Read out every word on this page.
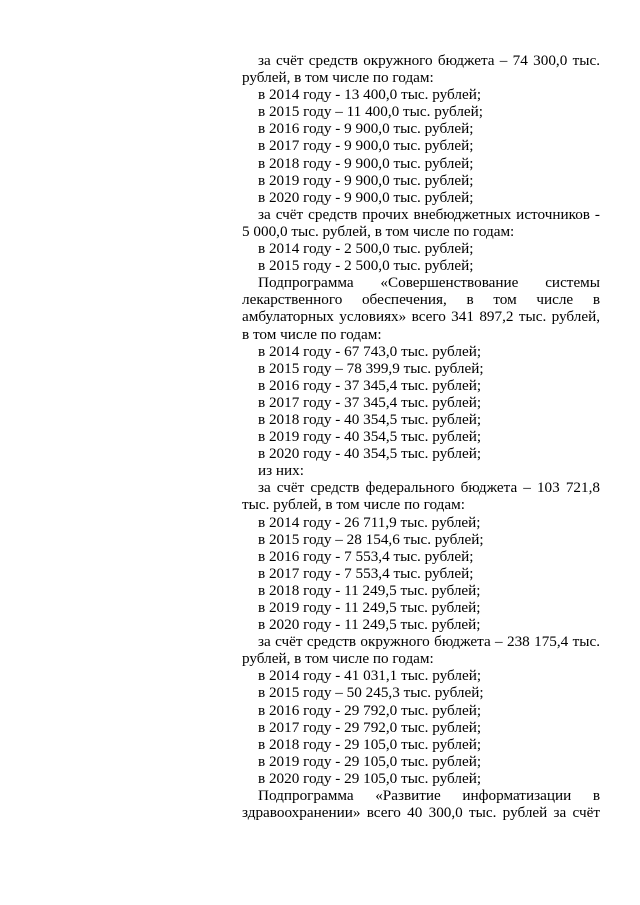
за счёт средств окружного бюджета – 74 300,0 тыс.
рублей, в том числе по годам:
в 2014 году - 13 400,0 тыс. рублей;
в 2015 году – 11 400,0 тыс. рублей;
в 2016 году - 9 900,0 тыс. рублей;
в 2017 году - 9 900,0 тыс. рублей;
в 2018 году - 9 900,0 тыс. рублей;
в 2019 году - 9 900,0 тыс. рублей;
в 2020 году - 9 900,0 тыс. рублей;
за счёт средств прочих внебюджетных источников -
5 000,0 тыс. рублей, в том числе по годам:
в 2014 году - 2 500,0 тыс. рублей;
в 2015 году - 2 500,0 тыс. рублей;
Подпрограмма «Совершенствование системы
лекарственного обеспечения, в том числе в
амбулаторных условиях» всего 341 897,2 тыс. рублей,
в том числе по годам:
в 2014 году - 67 743,0 тыс. рублей;
в 2015 году – 78 399,9 тыс. рублей;
в 2016 году - 37 345,4 тыс. рублей;
в 2017 году - 37 345,4 тыс. рублей;
в 2018 году - 40 354,5 тыс. рублей;
в 2019 году - 40 354,5 тыс. рублей;
в 2020 году - 40 354,5 тыс. рублей;
из них:
за счёт средств федерального бюджета – 103 721,8
тыс. рублей, в том числе по годам:
в 2014 году - 26 711,9 тыс. рублей;
в 2015 году – 28 154,6 тыс. рублей;
в 2016 году - 7 553,4 тыс. рублей;
в 2017 году - 7 553,4 тыс. рублей;
в 2018 году - 11 249,5 тыс. рублей;
в 2019 году - 11 249,5 тыс. рублей;
в 2020 году - 11 249,5 тыс. рублей;
за счёт средств окружного бюджета – 238 175,4 тыс.
рублей, в том числе по годам:
в 2014 году - 41 031,1 тыс. рублей;
в 2015 году – 50 245,3 тыс. рублей;
в 2016 году - 29 792,0 тыс. рублей;
в 2017 году - 29 792,0 тыс. рублей;
в 2018 году - 29 105,0 тыс. рублей;
в 2019 году - 29 105,0 тыс. рублей;
в 2020 году - 29 105,0 тыс. рублей;
Подпрограмма «Развитие информатизации в
здравоохранении» всего 40 300,0 тыс. рублей за счёт
